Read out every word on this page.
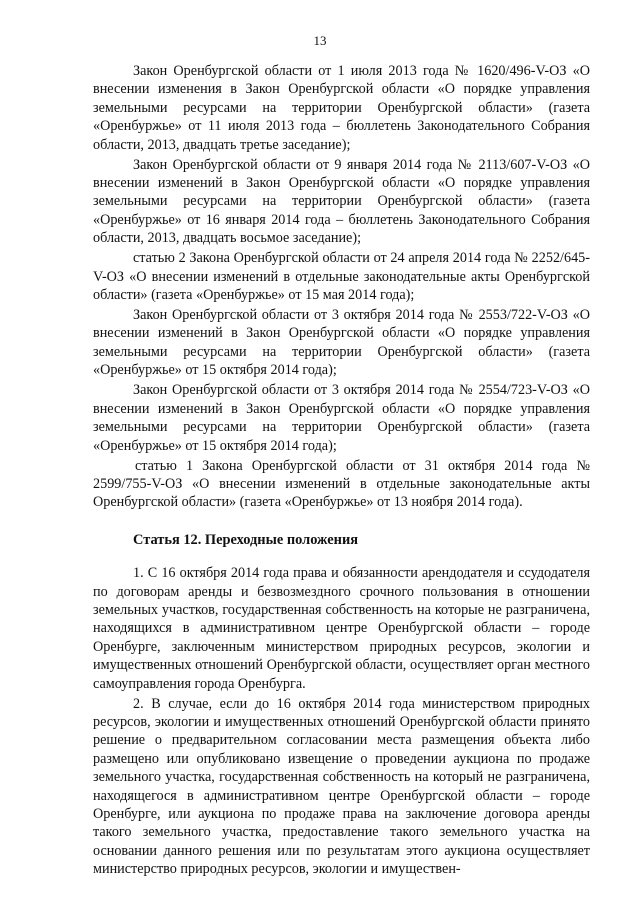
13

Закон Оренбургской области от 1 июля 2013 года № 1620/496-V-ОЗ «О внесении изменения в Закон Оренбургской области «О порядке управления земельными ресурсами на территории Оренбургской области» (газета «Оренбуржье» от 11 июля 2013 года – бюллетень Законодательного Собрания области, 2013, двадцать третье заседание);

Закон Оренбургской области от 9 января 2014 года № 2113/607-V-ОЗ «О внесении изменений в Закон Оренбургской области «О порядке управления земельными ресурсами на территории Оренбургской области» (газета «Оренбуржье» от 16 января 2014 года – бюллетень Законодательного Собрания области, 2013, двадцать восьмое заседание);

статью 2 Закона Оренбургской области от 24 апреля 2014 года № 2252/645-V-ОЗ «О внесении изменений в отдельные законодательные акты Оренбургской области» (газета «Оренбуржье» от 15 мая 2014 года);

Закон Оренбургской области от 3 октября 2014 года № 2553/722-V-ОЗ «О внесении изменений в Закон Оренбургской области «О порядке управления земельными ресурсами на территории Оренбургской области» (газета «Оренбуржье» от 15 октября 2014 года);

Закон Оренбургской области от 3 октября 2014 года № 2554/723-V-ОЗ «О внесении изменений в Закон Оренбургской области «О порядке управления земельными ресурсами на территории Оренбургской области» (газета «Оренбуржье» от 15 октября 2014 года);

статью 1 Закона Оренбургской области от 31 октября 2014 года № 2599/755-V-ОЗ «О внесении изменений в отдельные законодательные акты Оренбургской области» (газета «Оренбуржье» от 13 ноября 2014 года).

Статья 12. Переходные положения

1. С 16 октября 2014 года права и обязанности арендодателя и ссудодателя по договорам аренды и безвозмездного срочного пользования в отношении земельных участков, государственная собственность на которые не разграничена, находящихся в административном центре Оренбургской области – городе Оренбурге, заключенным министерством природных ресурсов, экологии и имущественных отношений Оренбургской области, осуществляет орган местного самоуправления города Оренбурга.

2. В случае, если до 16 октября 2014 года министерством природных ресурсов, экологии и имущественных отношений Оренбургской области принято решение о предварительном согласовании места размещения объекта либо размещено или опубликовано извещение о проведении аукциона по продаже земельного участка, государственная собственность на который не разграничена, находящегося в административном центре Оренбургской области – городе Оренбурге, или аукциона по продаже права на заключение договора аренды такого земельного участка, предоставление такого земельного участка на основании данного решения или по результатам этого аукциона осуществляет министерство природных ресурсов, экологии и имуществен-
